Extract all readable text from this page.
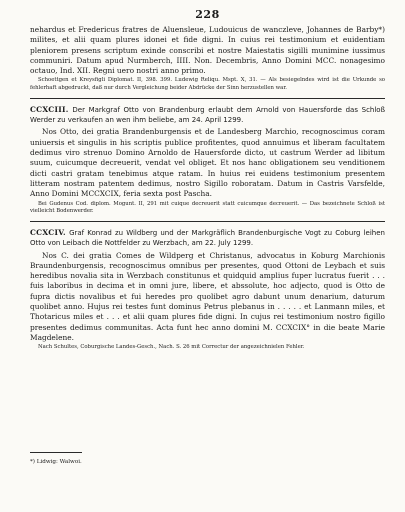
228

nehardus et Fredericus fratres de Aluensleue, Ludouicus de wanczleve, Johannes de Barby*) milites, et alii quam plures idonei et fide digni. In cuius rei testimonium et euidentiam pleniorem presens scriptum exinde conscribi et nostre Maiestatis sigilli munimine iussimus communiri. Datum apud Nurmberch, IIII. Non. Decembris, Anno Domini MCC. nonagesimo octauo, Ind. XII. Regni uero nostri anno primo.

Schoettgen et Kreysfigli Diplomat. II, 398. 399. Ludewig Reliqu. Mspt. X, 31. — Als besiegelndes wird ist die Urkunde so fehlerhaft abgedruckt, daß nur durch Vergleichung beider Abdrücke der Sinn herzustellen war.

CCXCIII. Der Markgraf Otto von Brandenburg erlaubt dem Arnold von Hauersforde das Schloß Werder zu verkaufen an wen ihm beliebe, am 24. April 1299.

Nos Otto, dei gratia Brandenburgensis et de Landesberg Marchio, recognoscimus coram uniuersis et singulis in his scriptis publice profitentes, quod annuimus et liberam facultatem dedimus viro strenuo Domino Arnoldo de Hauersforde dicto, ut castrum Werder ad libitum suum, cuicumque decreuerit, vendat vel obliget. Et nos hanc obligationem seu venditionem dicti castri gratam tenebimus atque ratam. In huius rei euidens testimonium presentem litteram nostram patentem dedimus, nostro Sigillo roboratam. Datum in Castris Varsfelde, Anno Domini MCCXCIX, feria sexta post Pascha.

Bei Gudenus Cod. diplom. Mogunt. II, 291 mit cuique decreuerit statt cuicumque decreuerit. — Das bezeichnete Schloß ist vielleicht Bodenwerder.

CCXCIV. Graf Konrad zu Wildberg und der Markgräflich Brandenburgische Vogt zu Coburg leihen Otto von Leibach die Nottfelder zu Werzbach, am 22. July 1299.

Nos C. dei gratia Comes de Wildperg et Christanus, advocatus in Koburg Marchionis Braundenburgensis, recognoscimus omnibus per presentes, quod Ottoni de Leybach et suis heredibus novalia sita in Werzbach constitunus et quidquid amplius fuper lucratus fuerit . . . fuis laboribus in decima et in omni jure, libere, et abssolute, hoc adjecto, quod is Otto de fupra dictis novalibus et fui heredes pro quolibet agro dabunt unum denarium, daturum quolibet anno. Hujus rei testes funt dominus Petrus plebanus in . . . . . et Lanmann miles, et Thotaricus miles et . . . et alii quam plures fide digni. In cujus rei testimonium nostro figillo presentes dedimus communitas. Acta funt hec anno domini M. CCXCIX° in die beate Marie Magdelene.

Nach Schultes, Coburgische Landes-Gesch., Nach. S. 26 mit Correctur der angezeichnielen Fehler.

*) Lidwig: Walwoi.
